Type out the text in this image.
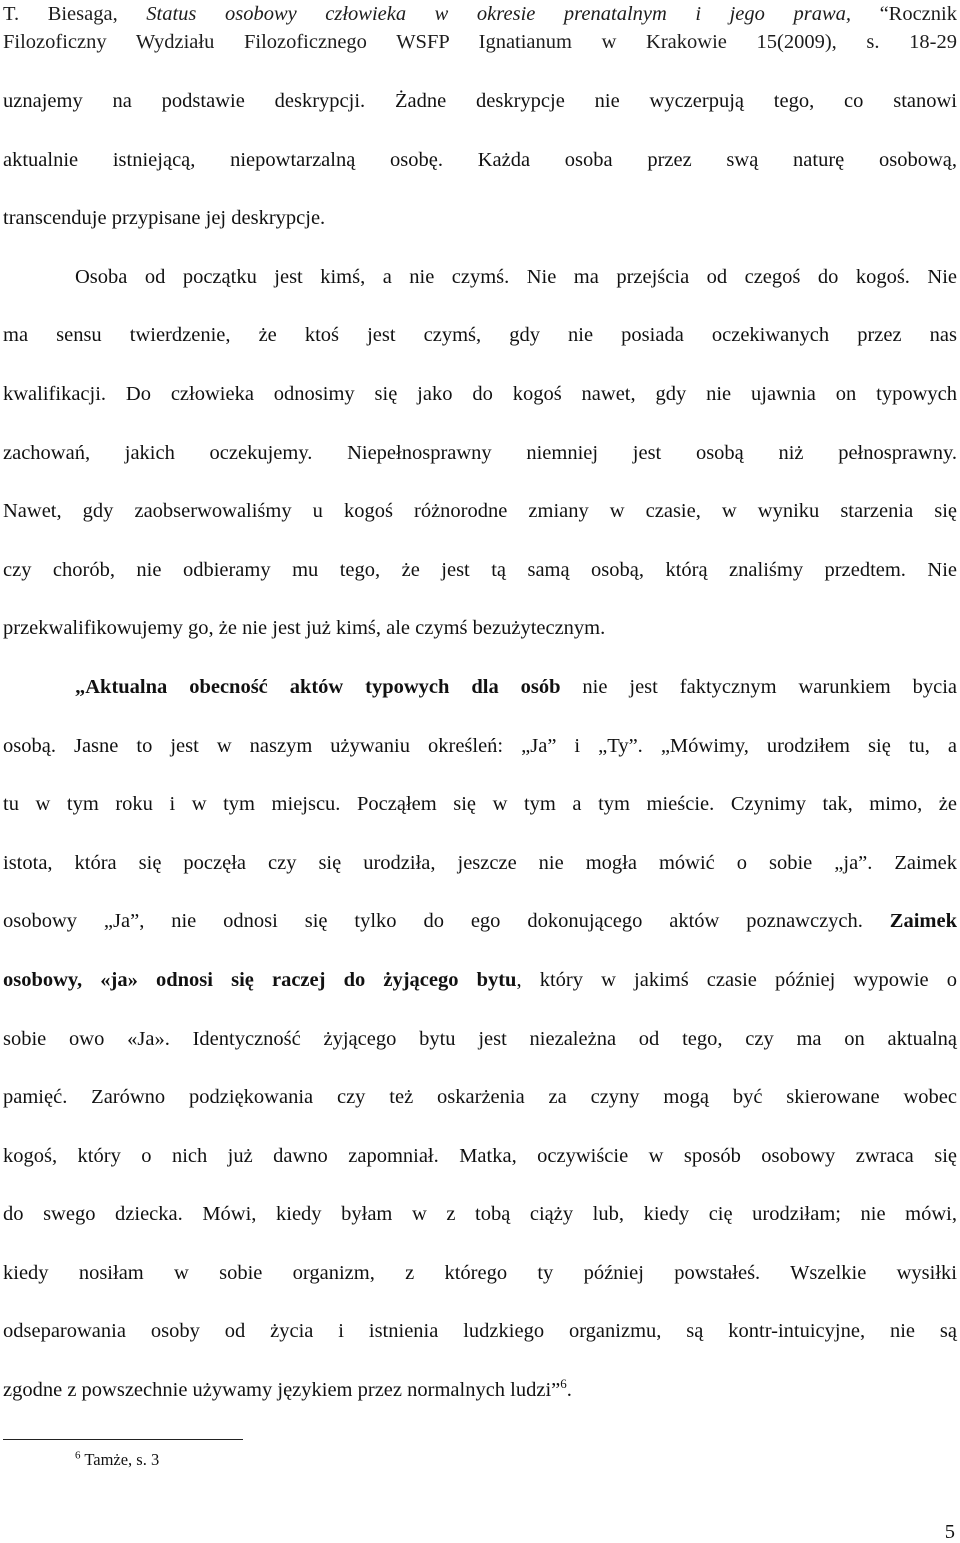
T. Biesaga, Status osobowy człowieka w okresie prenatalnym i jego prawa, “Rocznik
Filozoficzny Wydziału Filozoficznego WSFP Ignatianum w Krakowie 15(2009), s. 18-29
uznajemy na podstawie deskrypcji. Żadne deskrypcje nie wyczerpują tego, co stanowi
aktualnie istniejącą, niepowtarzalną osobę. Każda osoba przez swą naturę osobową,
transcenduje przypisane jej deskrypcje.
Osoba od początku jest kimś, a nie czymś. Nie ma przejścia od czegoś do kogoś. Nie
ma sensu twierdzenie, że ktoś jest czymś, gdy nie posiada oczekiwanych przez nas
kwalifikacji. Do człowieka odnosimy się jako do kogoś nawet, gdy nie ujawnia on typowych
zachowań, jakich oczekujemy. Niepełnosprawny niemniej jest osobą niż pełnosprawny.
Nawet, gdy zaobserwowaliśmy u kogoś różnorodne zmiany w czasie, w wyniku starzenia się
czy chorób, nie odbieramy mu tego, że jest tą samą osobą, którą znaliśmy przedtem. Nie
przekwalifikowujemy go, że nie jest już kimś, ale czymś bezużytecznym.
„Aktualna obecność aktów typowych dla osób nie jest faktycznym warunkiem bycia
osobą. Jasne to jest w naszym używaniu określeń: „Ja” i „Ty”. „Mówimy, urodziłem się tu, a
tu w tym roku i w tym miejscu. Począłem się w tym a tym mieście. Czynimy tak, mimo, że
istota, która się poczęła czy się urodziła, jeszcze nie mogła mówić o sobie „ja”. Zaimek
osobowy „Ja”, nie odnosi się tylko do ego dokonującego aktów poznawczych. Zaimek
osobowy, «ja» odnosi się raczej do żyjącego bytu, który w jakimś czasie później wypowie o
sobie owo «Ja». Identyczność żyjącego bytu jest niezależna od tego, czy ma on aktualną
pamięć. Zarówno podziękowania czy też oskarżenia za czyny mogą być skierowane wobec
kogoś, który o nich już dawno zapomniał. Matka, oczywiście w sposób osobowy zwraca się
do swego dziecka. Mówi, kiedy byłam w z tobą ciąży lub, kiedy cię urodziłam; nie mówi,
kiedy nosiłam w sobie organizm, z którego ty później powstałeś. Wszelkie wysiłki
odseparowania osoby od życia i istnienia ludzkiego organizmu, są kontr-intuicyjne, nie są
zgodne z powszechnie używamy językiem przez normalnych ludzi”$^6$.
$^6$ Tamże, s. 3
5
